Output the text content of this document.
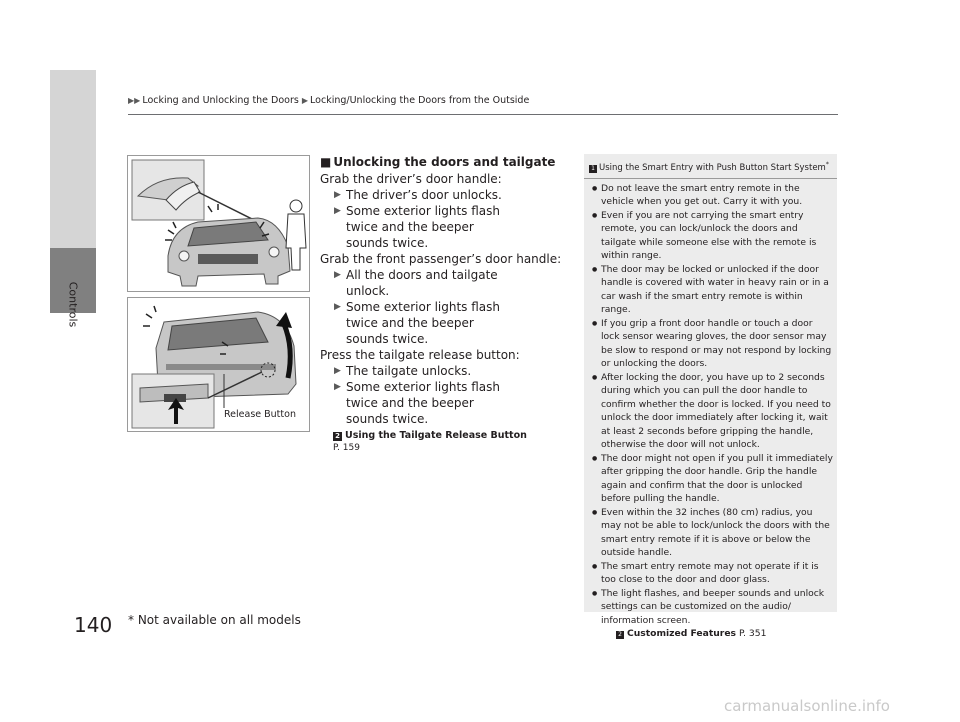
Controls
▶▶ Locking and Unlocking the Doors ▶ Locking/Unlocking the Doors from the Outside
Release Button
■ Unlocking the doors and tailgate
Grab the driver’s door handle:
▶ The driver’s door unlocks.
▶ Some exterior lights flash twice and the beeper sounds twice.
Grab the front passenger’s door handle:
▶ All the doors and tailgate unlock.
▶ Some exterior lights flash twice and the beeper sounds twice.
Press the tailgate release button:
▶ The tailgate unlocks.
▶ Some exterior lights flash twice and the beeper sounds twice.
2 Using the Tailgate Release Button
P. 159
1 Using the Smart Entry with Push Button Start System*
● Do not leave the smart entry remote in the vehicle when you get out. Carry it with you.
● Even if you are not carrying the smart entry remote, you can lock/unlock the doors and tailgate while someone else with the remote is within range.
● The door may be locked or unlocked if the door handle is covered with water in heavy rain or in a car wash if the smart entry remote is within range.
● If you grip a front door handle or touch a door lock sensor wearing gloves, the door sensor may be slow to respond or may not respond by locking or unlocking the doors.
● After locking the door, you have up to 2 seconds during which you can pull the door handle to confirm whether the door is locked. If you need to unlock the door immediately after locking it, wait at least 2 seconds before gripping the handle, otherwise the door will not unlock.
● The door might not open if you pull it immediately after gripping the door handle. Grip the handle again and confirm that the door is unlocked before pulling the handle.
● Even within the 32 inches (80 cm) radius, you may not be able to lock/unlock the doors with the smart entry remote if it is above or below the outside handle.
● The smart entry remote may not operate if it is too close to the door and door glass.
● The light flashes, and beeper sounds and unlock settings can be customized on the audio/ information screen.
2 Customized Features P. 351
140 * Not available on all models
carmanualsonline.info
